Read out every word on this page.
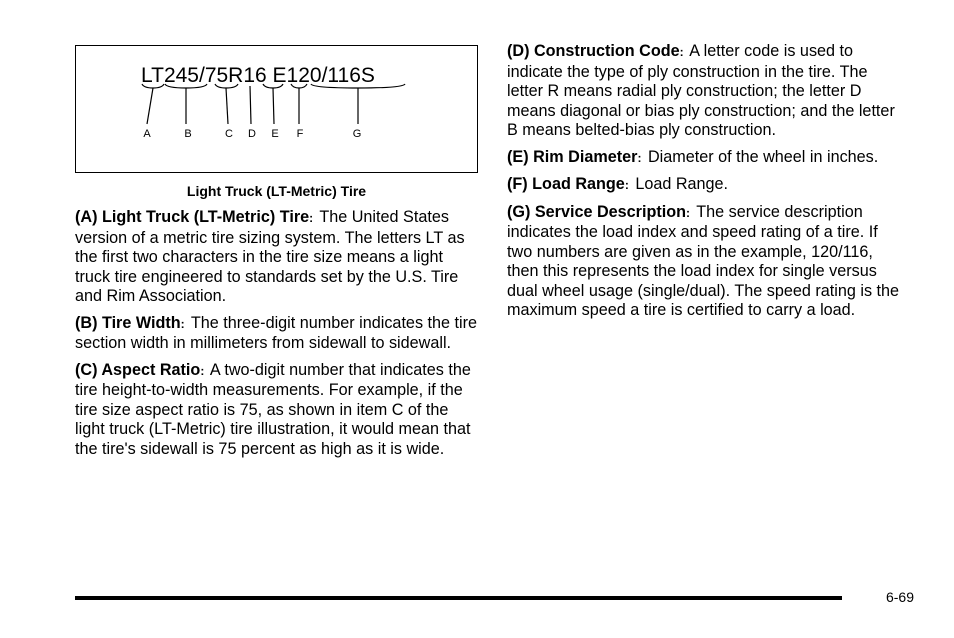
LT245/75R16 E120/116S
A	B	C D E F	G
Light Truck (LT-Metric) Tire

(A) Light Truck (LT-Metric) Tire: The United States version of a metric tire sizing system. The letters LT as the first two characters in the tire size means a light truck tire engineered to standards set by the U.S. Tire and Rim Association.

(B) Tire Width: The three-digit number indicates the tire section width in millimeters from sidewall to sidewall.

(C) Aspect Ratio: A two-digit number that indicates the tire height-to-width measurements. For example, if the tire size aspect ratio is 75, as shown in item C of the light truck (LT-Metric) tire illustration, it would mean that the tire's sidewall is 75 percent as high as it is wide.

(D) Construction Code: A letter code is used to indicate the type of ply construction in the tire. The letter R means radial ply construction; the letter D means diagonal or bias ply construction; and the letter B means belted-bias ply construction.

(E) Rim Diameter: Diameter of the wheel in inches.

(F) Load Range: Load Range.

(G) Service Description: The service description indicates the load index and speed rating of a tire. If two numbers are given as in the example, 120/116, then this represents the load index for single versus dual wheel usage (single/dual). The speed rating is the maximum speed a tire is certified to carry a load.

6-69
